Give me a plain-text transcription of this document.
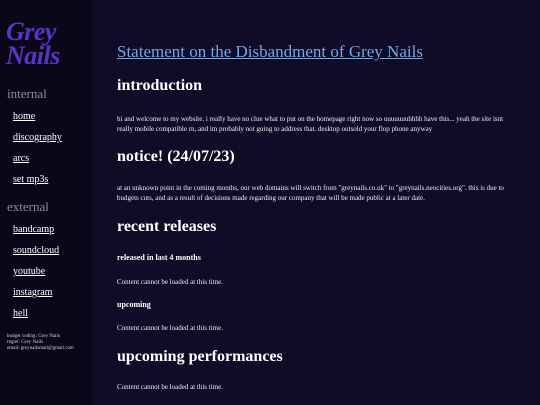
Grey
Nails
internal
home
discography
arcs
set mp3s
external
bandcamp
soundcloud
youtube
instagram
hell
budget coding: Grey Nails
regret: Grey Nails
email: greynailsmail@gmail.com
Statement on the Disbandment of Grey Nails
introduction
hi and welcome to my website. i really have no clue what to put on the homepage right now so uuuuuuuhhhh have this... yeah the site isnt really mobile compatible rn, and im probably not going to address that. desktop outsold your flop phone anyway
notice! (24/07/23)
at an unknown point in the coming months, our web domains will switch from "greynails.co.uk" to "greynails.neocities.org". this is due to budgets cuts, and as a result of decisions made regarding our company that will be made public at a later date.
recent releases
released in last 4 months
Content cannot be loaded at this time.
upcoming
Content cannot be loaded at this time.
upcoming performances
Content cannot be loaded at this time.
